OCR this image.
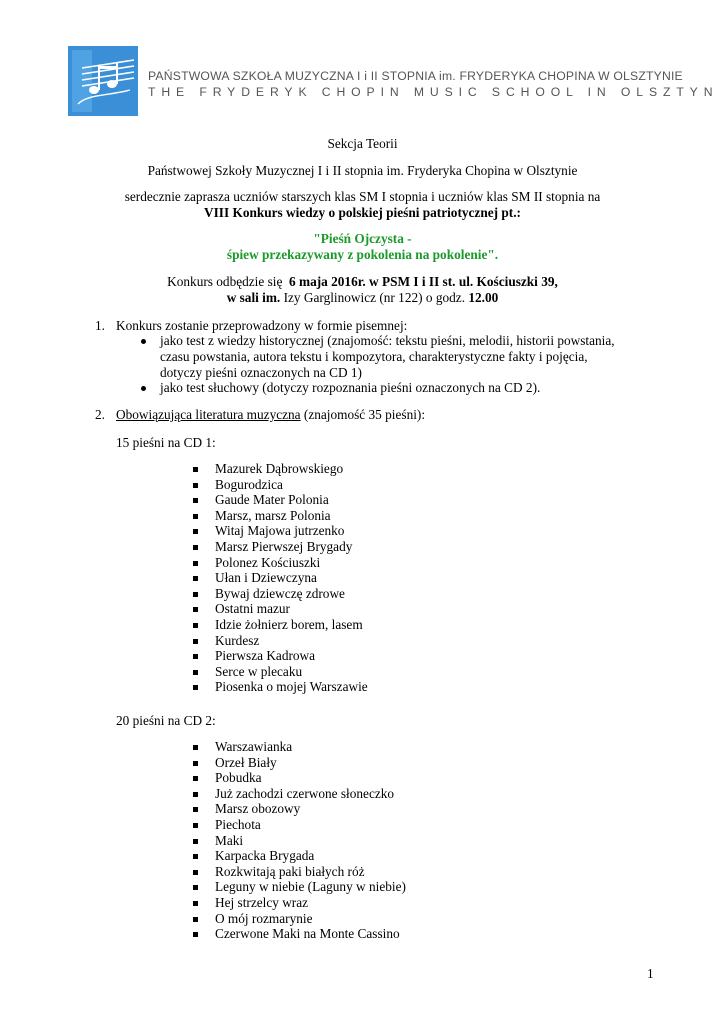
PAŃSTWOWA SZKOŁA MUZYCZNA I i II STOPNIA im. FRYDERYKA CHOPINA W OLSZTYNIE
THE FRYDERYK CHOPIN MUSIC SCHOOL IN OLSZTYN
Sekcja Teorii
Państwowej Szkoły Muzycznej I i II stopnia im. Fryderyka Chopina w Olsztynie
serdecznie zaprasza uczniów starszych klas SM I stopnia i uczniów klas SM II stopnia na
VIII Konkurs wiedzy o polskiej pieśni patriotycznej pt.:
"Pieśń Ojczysta -
śpiew przekazywany z pokolenia na pokolenie".
Konkurs odbędzie się 6 maja 2016r. w PSM I i II st. ul. Kościuszki 39,
w sali im. Izy Garglinowicz (nr 122) o godz. 12.00
1. Konkurs zostanie przeprowadzony w formie pisemnej:
jako test z wiedzy historycznej (znajomość: tekstu pieśni, melodii, historii powstania,
czasu powstania, autora tekstu i kompozytora, charakterystyczne fakty i pojęcia,
dotyczy pieśni oznaczonych na CD 1)
jako test słuchowy (dotyczy rozpoznania pieśni oznaczonych na CD 2).
2. Obowiązująca literatura muzyczna (znajomość 35 pieśni):
15 pieśni na CD 1:
Mazurek Dąbrowskiego
Bogurodzica
Gaude Mater Polonia
Marsz, marsz Polonia
Witaj Majowa jutrzenko
Marsz Pierwszej Brygady
Polonez Kościuszki
Ułan i Dziewczyna
Bywaj dziewczę zdrowe
Ostatni mazur
Idzie żołnierz borem, lasem
Kurdesz
Pierwsza Kadrowa
Serce w plecaku
Piosenka o mojej Warszawie
20 pieśni na CD 2:
Warszawianka
Orzeł Biały
Pobudka
Już zachodzi czerwone słoneczko
Marsz obozowy
Piechota
Maki
Karpacka Brygada
Rozkwitają paki białych róż
Leguny w niebie (Laguny w niebie)
Hej strzelcy wraz
O mój rozmarynie
Czerwone Maki na Monte Cassino
1
